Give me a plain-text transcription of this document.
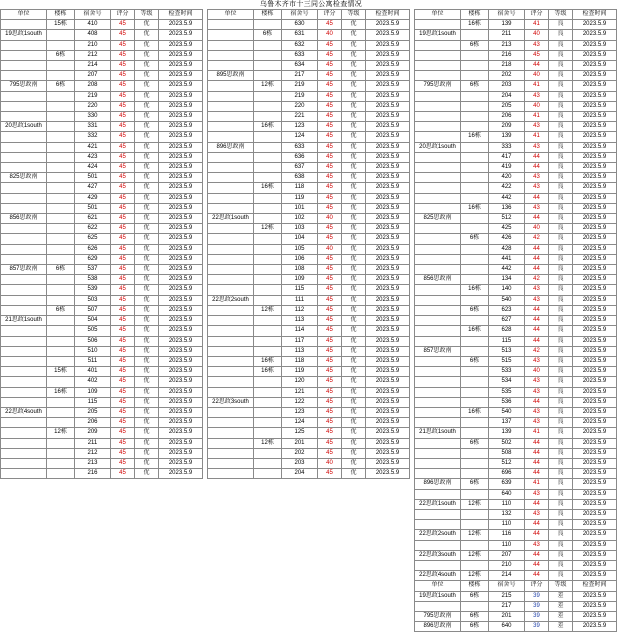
乌鲁木齐市十三同公寓检查情况
单位	楼栋	宿舍号	评分	等级	检查时间
	15栋	410	45	优	2023.5.9
19思政1south		408	45	优	2023.5.9
		210	45	优	2023.5.9
	6栋	212	45	优	2023.5.9
		214	45	优	2023.5.9
		207	45	优	2023.5.9
795思政南	6栋	208	45	优	2023.5.9
		219	45	优	2023.5.9
		220	45	优	2023.5.9
		330	45	优	2023.5.9
20思政1south		331	45	优	2023.5.9
		332	45	优	2023.5.9
		421	45	优	2023.5.9
		423	45	优	2023.5.9
		424	45	优	2023.5.9
825思政南		501	45	优	2023.5.9
		427	45	优	2023.5.9
		429	45	优	2023.5.9
		501	45	优	2023.5.9
856思政南		621	45	优	2023.5.9
		622	45	优	2023.5.9
		625	45	优	2023.5.9
		626	45	优	2023.5.9
		629	45	优	2023.5.9
857思政南	6栋	537	45	优	2023.5.9
		538	45	优	2023.5.9
		539	45	优	2023.5.9
		503	45	优	2023.5.9
	6栋	507	45	优	2023.5.9
21思政1south		504	45	优	2023.5.9
		505	45	优	2023.5.9
		506	45	优	2023.5.9
		510	45	优	2023.5.9
		511	45	优	2023.5.9
	15栋	401	45	优	2023.5.9
		402	45	优	2023.5.9
	16栋	109	45	优	2023.5.9
		115	45	优	2023.5.9
22思政4south		205	45	优	2023.5.9
		206	45	优	2023.5.9
	12栋	209	45	优	2023.5.9
		211	45	优	2023.5.9
		212	45	优	2023.5.9
		213	45	优	2023.5.9
		216	45	优	2023.5.9
单位	楼栋	宿舍号	评分	等级	检查时间
		630	45	优	2023.5.9
	6栋	631	40	优	2023.5.9
		632	45	优	2023.5.9
		633	45	优	2023.5.9
		634	45	优	2023.5.9
895思政南		217	45	优	2023.5.9
	12栋	219	45	优	2023.5.9
		219	45	优	2023.5.9
		220	45	优	2023.5.9
		221	45	优	2023.5.9
	16栋	123	45	优	2023.5.9
		124	45	优	2023.5.9
896思政南		633	45	优	2023.5.9
		636	45	优	2023.5.9
		637	45	优	2023.5.9
		638	45	优	2023.5.9
	16栋	118	45	优	2023.5.9
		119	45	优	2023.5.9
		101	45	优	2023.5.9
22思政1south		102	40	优	2023.5.9
	12栋	103	45	优	2023.5.9
		104	45	优	2023.5.9
		105	40	优	2023.5.9
		106	45	优	2023.5.9
		108	45	优	2023.5.9
		109	45	优	2023.5.9
		115	45	优	2023.5.9
22思政2south		111	45	优	2023.5.9
	12栋	112	45	优	2023.5.9
		113	45	优	2023.5.9
		114	45	优	2023.5.9
		117	45	优	2023.5.9
		113	45	优	2023.5.9
	16栋	118	45	优	2023.5.9
	16栋	119	45	优	2023.5.9
		120	45	优	2023.5.9
		121	45	优	2023.5.9
22思政3south		122	45	优	2023.5.9
		123	45	优	2023.5.9
		124	45	优	2023.5.9
		125	45	优	2023.5.9
	12栋	201	45	优	2023.5.9
		202	45	优	2023.5.9
		203	40	优	2023.5.9
		204	45	优	2023.5.9
单位	楼栋	宿舍号	评分	等级	检查时间
	16栋	139	41	良	2023.5.9
19思政1south		211	40	良	2023.5.9
	6栋	213	43	良	2023.5.9
		216	45	良	2023.5.9
		218	44	良	2023.5.9
		202	40	良	2023.5.9
795思政南	6栋	203	41	良	2023.5.9
		204	43	良	2023.5.9
		205	40	良	2023.5.9
		206	41	良	2023.5.9
		209	43	良	2023.5.9
	16栋	139	41	良	2023.5.9
20思政1south		333	43	良	2023.5.9
		417	44	良	2023.5.9
		419	44	良	2023.5.9
		420	43	良	2023.5.9
		422	43	良	2023.5.9
		442	44	良	2023.5.9
	16栋	136	43	良	2023.5.9
825思政南		512	44	良	2023.5.9
		425	40	良	2023.5.9
	6栋	426	42	良	2023.5.9
		428	44	良	2023.5.9
		441	44	良	2023.5.9
		442	44	良	2023.5.9
856思政南		134	42	良	2023.5.9
	16栋	140	43	良	2023.5.9
		540	43	良	2023.5.9
	6栋	623	44	良	2023.5.9
		627	44	良	2023.5.9
	16栋	628	44	良	2023.5.9
		115	44	良	2023.5.9
857思政南		513	42	良	2023.5.9
	6栋	515	43	良	2023.5.9
		533	40	良	2023.5.9
		534	43	良	2023.5.9
		535	43	良	2023.5.9
		536	44	良	2023.5.9
	16栋	540	43	良	2023.5.9
		137	43	良	2023.5.9
21思政1south		139	41	良	2023.5.9
	6栋	502	44	良	2023.5.9
		508	44	良	2023.5.9
		512	44	良	2023.5.9
		696	44	良	2023.5.9
896思政南	6栋	639	41	良	2023.5.9
		640	43	良	2023.5.9
22思政1south	12栋	110	44	良	2023.5.9
		132	43	良	2023.5.9
		110	44	良	2023.5.9
22思政2south	12栋	116	44	良	2023.5.9
		110	43	良	2023.5.9
22思政3south	12栋	207	44	良	2023.5.9
		210	44	良	2023.5.9
22思政4south	12栋	214	44	良	2023.5.9
单位	楼栋	宿舍号	评分	等级	检查时间
19思政1south	6栋	215	39	差	2023.5.9
		217	39	差	2023.5.9
795思政南	6栋	201	39	差	2023.5.9
896思政南	6栋	640	39	差	2023.5.9
